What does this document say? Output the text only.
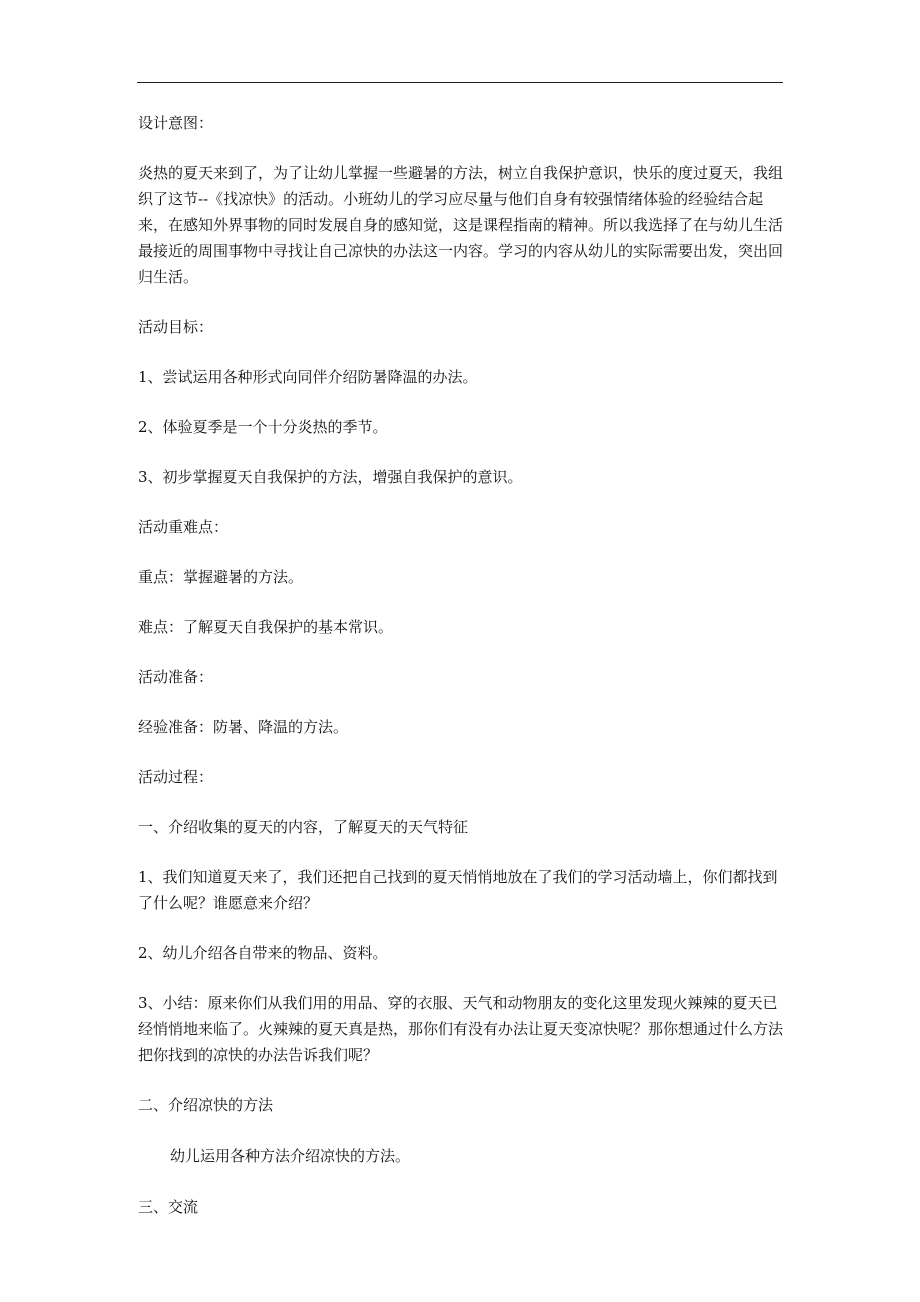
设计意图：

炎热的夏天来到了，为了让幼儿掌握一些避暑的方法，树立自我保护意识，快乐的度过夏天，我组织了这节--《找凉快》的活动。小班幼儿的学习应尽量与他们自身有较强情绪体验的经验结合起来，在感知外界事物的同时发展自身的感知觉，这是课程指南的精神。所以我选择了在与幼儿生活最接近的周围事物中寻找让自己凉快的办法这一内容。学习的内容从幼儿的实际需要出发，突出回归生活。

活动目标：

1、尝试运用各种形式向同伴介绍防暑降温的办法。

2、体验夏季是一个十分炎热的季节。

3、初步掌握夏天自我保护的方法，增强自我保护的意识。

活动重难点：

重点：掌握避暑的方法。

难点：了解夏天自我保护的基本常识。

活动准备：

经验准备：防暑、降温的方法。

活动过程：

一、介绍收集的夏天的内容，了解夏天的天气特征

1、我们知道夏天来了，我们还把自己找到的夏天悄悄地放在了我们的学习活动墙上，你们都找到了什么呢？谁愿意来介绍？

2、幼儿介绍各自带来的物品、资料。

3、小结：原来你们从我们用的用品、穿的衣服、天气和动物朋友的变化这里发现火辣辣的夏天已经悄悄地来临了。火辣辣的夏天真是热，那你们有没有办法让夏天变凉快呢？那你想通过什么方法把你找到的凉快的办法告诉我们呢？

二、介绍凉快的方法

幼儿运用各种方法介绍凉快的方法。

三、交流
